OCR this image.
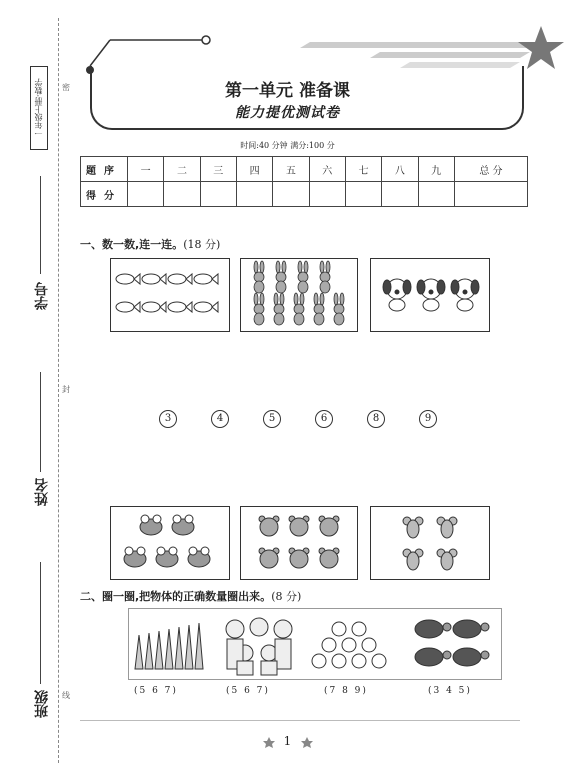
一年级上册·数学	密
封
线
学号
姓名
班级
第一单元 准备课
能力提优测试卷
时间:40 分钟 满分:100 分
题序	一	二	三	四	五	六	七	八	九	总 分
得分										
一、数一数,连一连。(18 分)
3	4	5	6	8	9
二、圈一圈,把物体的正确数量圈出来。(8 分)
(5 6 7)	(5 6 7)	(7 8 9)	(3 4 5)
1
